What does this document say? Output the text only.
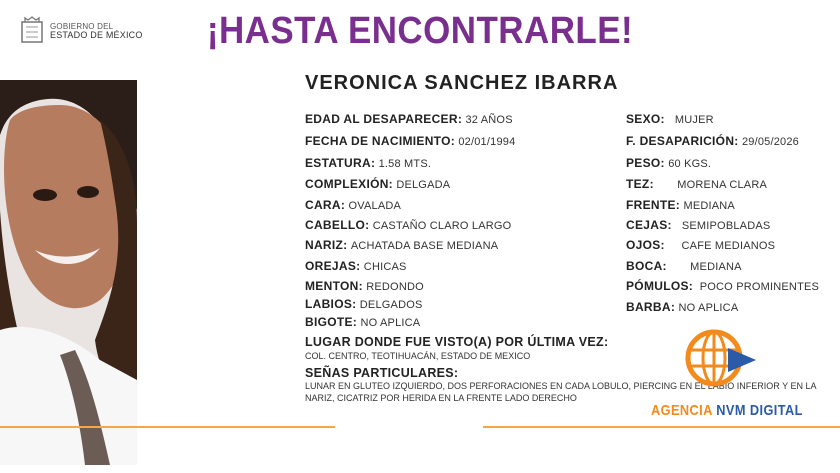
GOBIERNO DEL
ESTADO DE MÉXICO	¡HASTA ENCONTRARLE!
VERONICA SANCHEZ IBARRA
EDAD AL DESAPARECER: 32 AÑOS
FECHA DE NACIMIENTO: 02/01/1994
ESTATURA: 1.58 MTS.
COMPLEXIÓN: DELGADA
CARA: OVALADA
CABELLO: CASTAÑO CLARO LARGO
NARIZ: ACHATADA BASE MEDIANA
OREJAS: CHICAS
MENTON: REDONDO
LABIOS: DELGADOS
BIGOTE: NO APLICA
SEXO: MUJER
F. DESAPARICIÓN: 29/05/2026
PESO: 60 KGS.
TEZ: MORENA CLARA
FRENTE: MEDIANA
CEJAS: SEMIPOBLADAS
OJOS: CAFE MEDIANOS
BOCA: MEDIANA
PÓMULOS: POCO PROMINENTES
BARBA: NO APLICA
LUGAR DONDE FUE VISTO(A) POR ÚLTIMA VEZ:
COL. CENTRO, TEOTIHUACÁN, ESTADO DE MEXICO
SEÑAS PARTICULARES:
LUNAR EN GLUTEO IZQUIERDO, DOS PERFORACIONES EN CADA LOBULO, PIERCING EN EL LABIO INFERIOR Y EN LA NARIZ, CICATRIZ POR HERIDA EN LA FRENTE LADO DERECHO
AGENCIA NVM DIGITAL
